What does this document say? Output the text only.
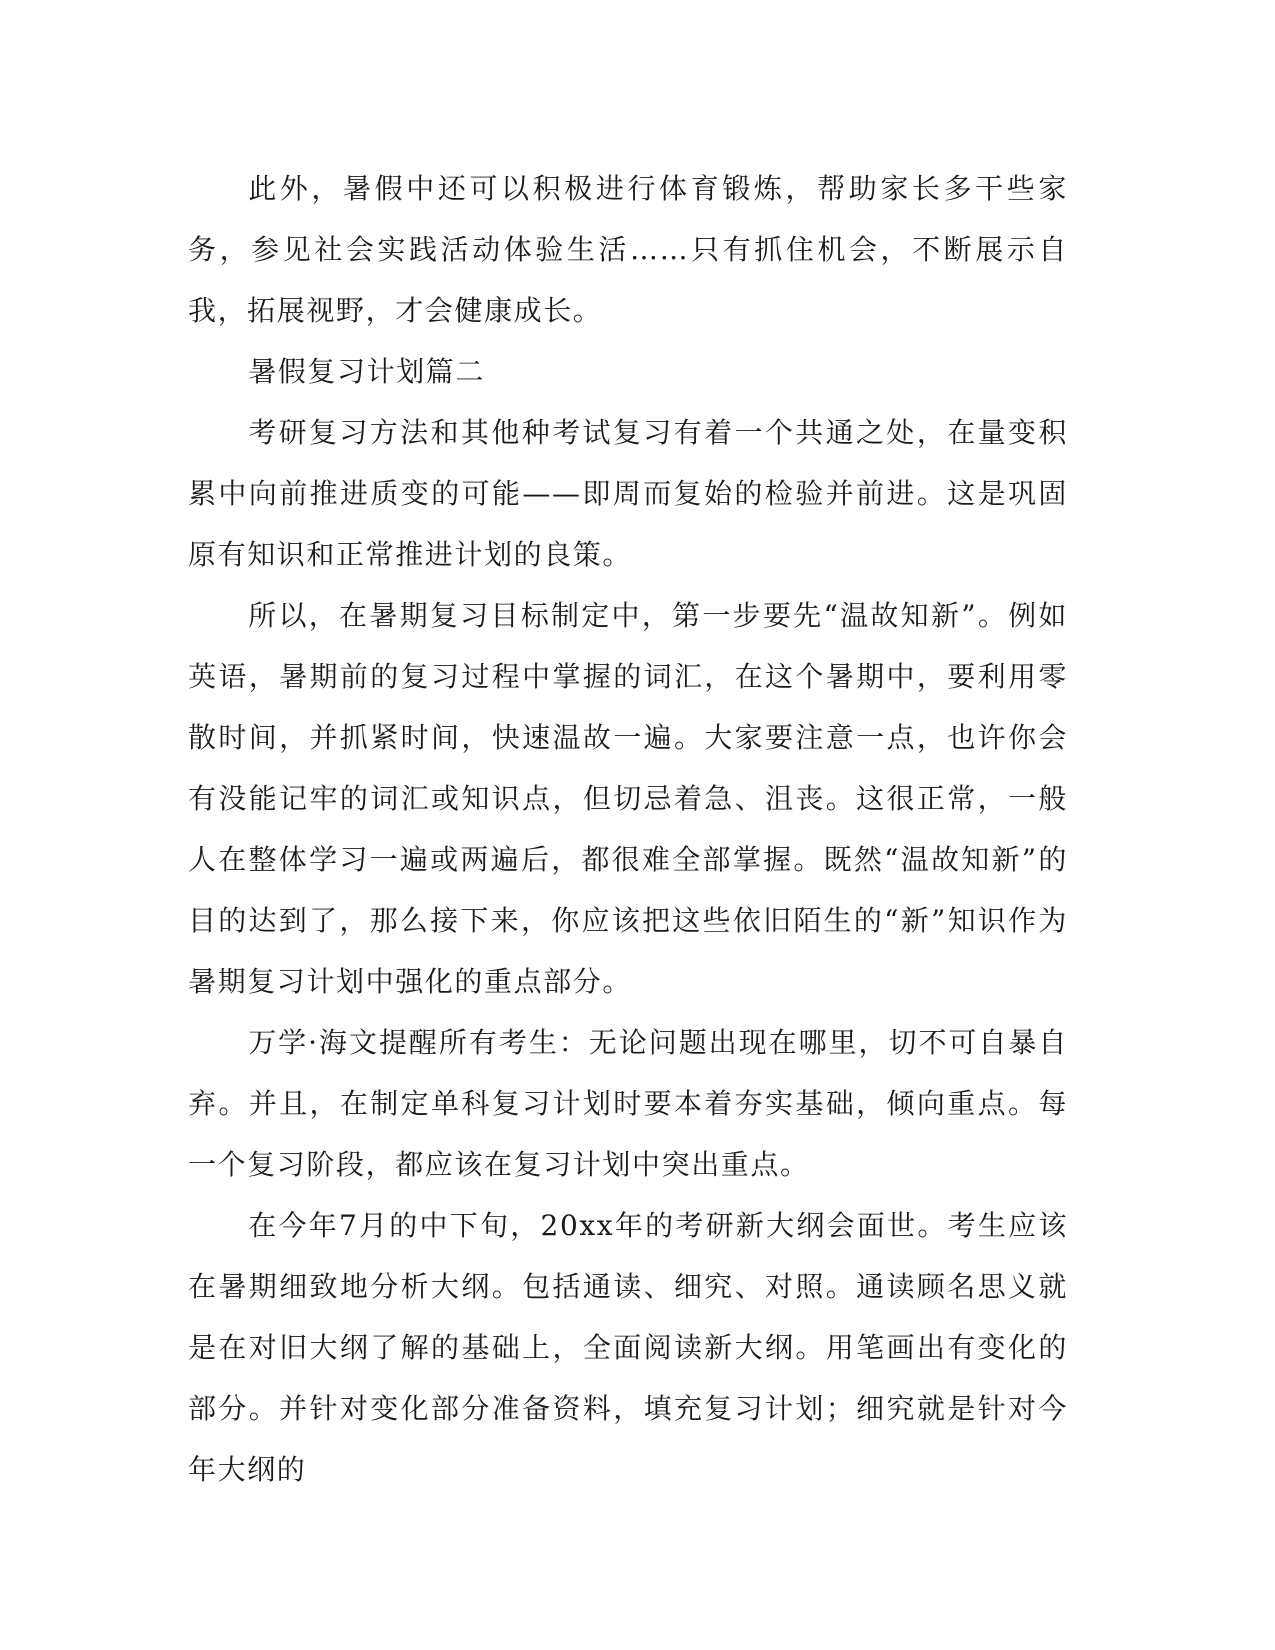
此外，暑假中还可以积极进行体育锻炼，帮助家长多干些家务，参见社会实践活动体验生活……只有抓住机会，不断展示自我，拓展视野，才会健康成长。

暑假复习计划篇二

考研复习方法和其他种考试复习有着一个共通之处，在量变积累中向前推进质变的可能——即周而复始的检验并前进。这是巩固原有知识和正常推进计划的良策。

所以，在暑期复习目标制定中，第一步要先“温故知新”。例如英语，暑期前的复习过程中掌握的词汇，在这个暑期中，要利用零散时间，并抓紧时间，快速温故一遍。大家要注意一点，也许你会有没能记牢的词汇或知识点，但切忌着急、沮丧。这很正常，一般人在整体学习一遍或两遍后，都很难全部掌握。既然“温故知新”的目的达到了，那么接下来，你应该把这些依旧陌生的“新”知识作为暑期复习计划中强化的重点部分。

万学·海文提醒所有考生：无论问题出现在哪里，切不可自暴自弃。并且，在制定单科复习计划时要本着夯实基础，倾向重点。每一个复习阶段，都应该在复习计划中突出重点。

在今年7月的中下旬，20xx年的考研新大纲会面世。考生应该在暑期细致地分析大纲。包括通读、细究、对照。通读顾名思义就是在对旧大纲了解的基础上，全面阅读新大纲。用笔画出有变化的部分。并针对变化部分准备资料，填充复习计划；细究就是针对今年大纲的
